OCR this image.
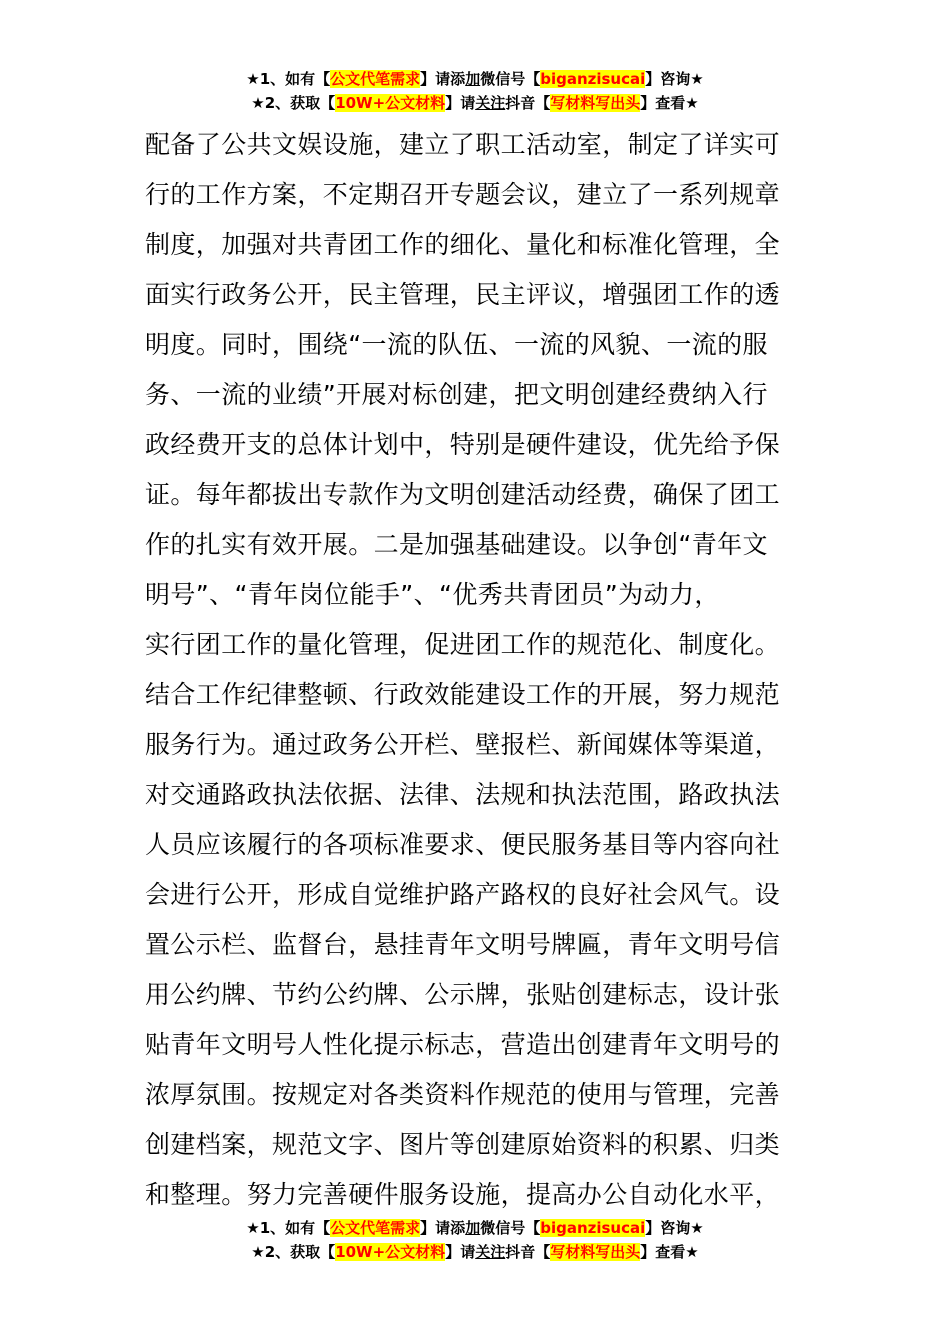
★1、如有【公文代笔需求】请添加微信号【biganzisucai】咨询★
★2、获取【10W+公文材料】请关注抖音【写材料写出头】查看★
配备了公共文娱设施，建立了职工活动室，制定了详实可
行的工作方案，不定期召开专题会议，建立了一系列规章
制度，加强对共青团工作的细化、量化和标准化管理，全
面实行政务公开，民主管理，民主评议，增强团工作的透
明度。同时，围绕“一流的队伍、一流的风貌、一流的服
务、一流的业绩”开展对标创建，把文明创建经费纳入行
政经费开支的总体计划中，特别是硬件建设，优先给予保
证。每年都拔出专款作为文明创建活动经费，确保了团工
作的扎实有效开展。二是加强基础建设。以争创“青年文
明号”、“青年岗位能手”、“优秀共青团员”为动力，
实行团工作的量化管理，促进团工作的规范化、制度化。
结合工作纪律整顿、行政效能建设工作的开展，努力规范
服务行为。通过政务公开栏、壁报栏、新闻媒体等渠道，
对交通路政执法依据、法律、法规和执法范围，路政执法
人员应该履行的各项标准要求、便民服务基目等内容向社
会进行公开，形成自觉维护路产路权的良好社会风气。设
置公示栏、监督台，悬挂青年文明号牌匾，青年文明号信
用公约牌、节约公约牌、公示牌，张贴创建标志，设计张
贴青年文明号人性化提示标志，营造出创建青年文明号的
浓厚氛围。按规定对各类资料作规范的使用与管理，完善
创建档案，规范文字、图片等创建原始资料的积累、归类
和整理。努力完善硬件服务设施，提高办公自动化水平，
★1、如有【公文代笔需求】请添加微信号【biganzisucai】咨询★
★2、获取【10W+公文材料】请关注抖音【写材料写出头】查看★
